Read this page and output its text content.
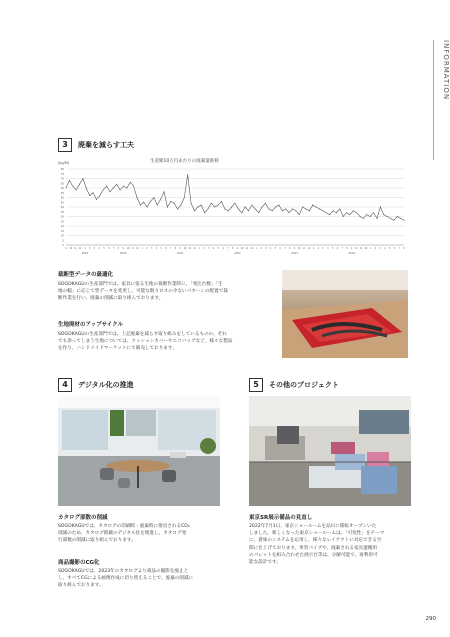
INFORMATION
3	廃棄を減らす工夫
(kg/M)	生産額10万円あたりの廃棄量推移
0
5
10
15
20
25
30
35
40
45
50
55
60
65
70
75
80
9 10 11 12 1 2 3 4 5 6 7 8 9 10 11 12 1 2 3 4 5 6 7 8 9 10 11 12 1 2 3 4 5 6 7 8 9 10 11 12 1 2 3 4 5 6 7 8 9 10 11 12 1 2 3 4 5 6 7 8 9 10 11 12 1 2 3 4 5 6 7 8
2019	2020	2021	2022	2023	2024
裁断型データの最適化
SOGOKAGUの生産部門では、家具に張る生地の裁断作業時に、「発注台数」「生
地の幅」に応じて型データを変更し、可能な限りロスの少ないパターンの配置で裁
断作業を行い、廃棄の削減に取り組んでおります。
生地廃材のアップサイクル
SOGOKAGUの生産部門では、上記廃棄を減らす取り組みをしているものの、それ
でも余ってしまう生地については、クッションカバーやエコバッグなど、様々な製品
を作り、ハンドメイドマーケットにて販売しております。
4	デジタル化の推進
カタログ部数の削減
SOGOKAGUでは、カタログの印刷時・廃棄時に排出されるCO₂
削減のため、カタログ掲載のデジタル化を推進し、カタログ発
行部数の削減に取り組んでおります。
商品撮影のCG化
SOGOKAGUでは、2023年のカタログより商品の撮影を廃止と
し、すべてCGによる画像作成に切り替えることで、廃棄の削減に
取り組んでおります。
5	その他のプロジェクト
東京SR展示備品の見直し
2022年7月1日、東京ショールームを品川に移転オープンいた
しました。新しくなった東京ショールームは、「可変性」をテーマ
に、倉庫のシステムを応用し、様々なレイアウトに対応できる空
間に仕上げております。単管パイプや、廃棄される家具運搬用
のパレットを組み合わせた展示台等は、分解可能で、再利用可
能な設計です。
290
